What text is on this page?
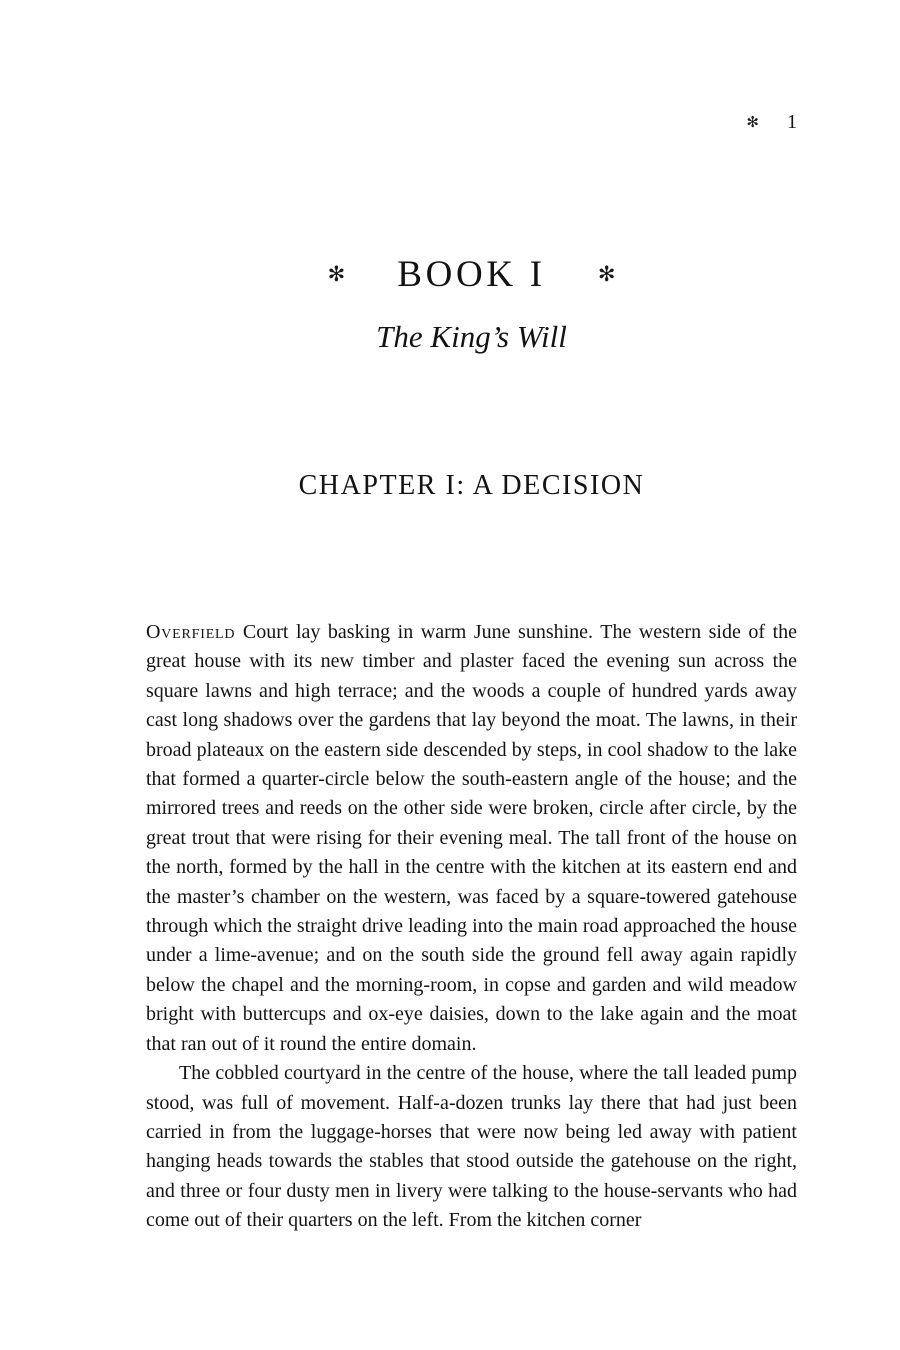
✻ 1
✻ BOOK I ✻
The King’s Will
CHAPTER I: A DECISION

Overfield Court lay basking in warm June sunshine. The western side of the great house with its new timber and plaster faced the evening sun across the square lawns and high terrace; and the woods a couple of hundred yards away cast long shadows over the gardens that lay beyond the moat. The lawns, in their broad plateaux on the eastern side descended by steps, in cool shadow to the lake that formed a quarter-circle below the south-eastern angle of the house; and the mirrored trees and reeds on the other side were broken, circle after circle, by the great trout that were rising for their evening meal. The tall front of the house on the north, formed by the hall in the centre with the kitchen at its eastern end and the master’s chamber on the western, was faced by a square-towered gatehouse through which the straight drive leading into the main road approached the house under a lime-avenue; and on the south side the ground fell away again rapidly below the chapel and the morning-room, in copse and garden and wild meadow bright with buttercups and ox-eye daisies, down to the lake again and the moat that ran out of it round the entire domain.

The cobbled courtyard in the centre of the house, where the tall leaded pump stood, was full of movement. Half-a-dozen trunks lay there that had just been carried in from the luggage-horses that were now being led away with patient hanging heads towards the stables that stood outside the gatehouse on the right, and three or four dusty men in livery were talking to the house-servants who had come out of their quarters on the left. From the kitchen corner
